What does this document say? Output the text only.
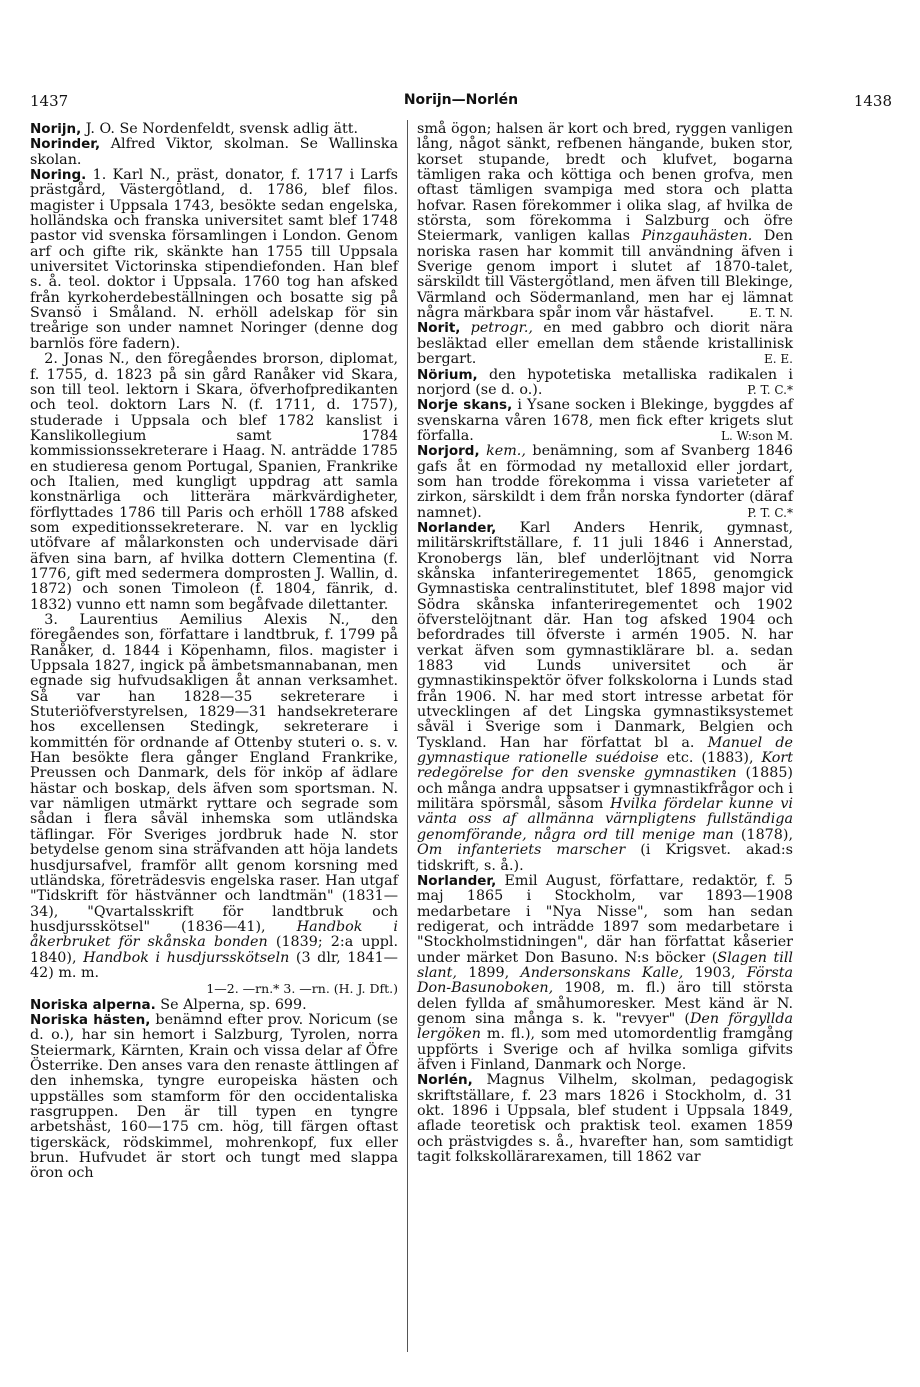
1437	Norijn—Norlén	1438

Norijn, J. O. Se Nordenfeldt, svensk adlig ätt.

Norinder, Alfred Viktor, skolman. Se Wallinska skolan.

Noring. 1. Karl N., präst, donator, f. 1717 i Larfs prästgård, Västergötland, d. 1786, blef filos. magister i Uppsala 1743, besökte sedan engelska, holländska och franska universitet samt blef 1748 pastor vid svenska församlingen i London. Genom arf och gifte rik, skänkte han 1755 till Uppsala universitet Victorinska stipendiefonden. Han blef s. å. teol. doktor i Uppsala. 1760 tog han afsked från kyrkoherdebeställningen och bosatte sig på Svansö i Småland. N. erhöll adelskap för sin treårige son under namnet Noringer (denne dog barnlös före fadern).

 2. Jonas N., den föregåendes brorson, diplomat, f. 1755, d. 1823 på sin gård Ranåker vid Skara, son till teol. lektorn i Skara, öfverhofpredikanten och teol. doktorn Lars N. (f. 1711, d. 1757), studerade i Uppsala och blef 1782 kanslist i Kanslikollegium samt 1784 kommissionssekreterare i Haag. N. anträdde 1785 en studieresa genom Portugal, Spanien, Frankrike och Italien, med kungligt uppdrag att samla konstnärliga och litterära märkvärdigheter, förflyttades 1786 till Paris och erhöll 1788 afsked som expeditionssekreterare. N. var en lycklig utöfvare af målarkonsten och undervisade däri äfven sina barn, af hvilka dottern Clementina (f. 1776, gift med sedermera domprosten J. Wallin, d. 1872) och sonen Timoleon (f. 1804, fänrik, d. 1832) vunno ett namn som begåfvade dilettanter.

 3. Laurentius Aemilius Alexis N., den föregåendes son, författare i landtbruk, f. 1799 på Ranåker, d. 1844 i Köpenhamn, filos. magister i Uppsala 1827, ingick på ämbetsmannabanan, men egnade sig hufvudsakligen åt annan verksamhet. Så var han 1828—35 sekreterare i Stuteriöfverstyrelsen, 1829—31 handsekreterare hos excellensen Stedingk, sekreterare i kommittén för ordnande af Ottenby stuteri o. s. v. Han besökte flera gånger England Frankrike, Preussen och Danmark, dels för inköp af ädlare hästar och boskap, dels äfven som sportsman. N. var nämligen utmärkt ryttare och segrade som sådan i flera såväl inhemska som utländska täflingar. För Sveriges jordbruk hade N. stor betydelse genom sina sträfvanden att höja landets husdjursafvel, framför allt genom korsning med utländska, företrädesvis engelska raser. Han utgaf "Tidskrift för hästvänner och landtmän" (1831—34), "Qvartalsskrift för landtbruk och husdjursskötsel" (1836—41), Handbok i åkerbruket för skånska bonden (1839; 2:a uppl. 1840), Handbok i husdjursskötseln (3 dlr, 1841—42) m. m.

1—2. —rn.* 3. —rn. (H. J. Dft.)

Noriska alperna. Se Alperna, sp. 699.

Noriska hästen, benämnd efter prov. Noricum (se d. o.), har sin hemort i Salzburg, Tyrolen, norra Steiermark, Kärnten, Krain och vissa delar af Öfre Österrike. Den anses vara den renaste ättlingen af den inhemska, tyngre europeiska hästen och uppställes som stamform för den occidentaliska rasgruppen. Den är till typen en tyngre arbetshäst, 160—175 cm. hög, till färgen oftast tigerskäck, rödskimmel, mohrenkopf, fux eller brun. Hufvudet är stort och tungt med slappa öron och

små ögon; halsen är kort och bred, ryggen vanligen lång, något sänkt, refbenen hängande, buken stor, korset stupande, bredt och klufvet, bogarna tämligen raka och köttiga och benen grofva, men oftast tämligen svampiga med stora och platta hofvar. Rasen förekommer i olika slag, af hvilka de största, som förekomma i Salzburg och öfre Steiermark, vanligen kallas Pinzgauhästen. Den noriska rasen har kommit till användning äfven i Sverige genom import i slutet af 1870-talet, särskildt till Västergötland, men äfven till Blekinge, Värmland och Södermanland, men har ej lämnat några märkbara spår inom vår hästafvel.	E. T. N.

Norit, petrogr., en med gabbro och diorit nära besläktad eller emellan dem stående kristallinisk bergart.	E. E.

Nörium, den hypotetiska metalliska radikalen i norjord (se d. o.).	P. T. C.*

Norje skans, i Ysane socken i Blekinge, byggdes af svenskarna våren 1678, men fick efter krigets slut förfalla.	L. W:son M.

Norjord, kem., benämning, som af Svanberg 1846 gafs åt en förmodad ny metalloxid eller jordart, som han trodde förekomma i vissa varieteter af zirkon, särskildt i dem från norska fyndorter (däraf namnet).	P. T. C.*

Norlander, Karl Anders Henrik, gymnast, militärskriftställare, f. 11 juli 1846 i Annerstad, Kronobergs län, blef underlöjtnant vid Norra skånska infanteriregementet 1865, genomgick Gymnastiska centralinstitutet, blef 1898 major vid Södra skånska infanteriregementet och 1902 öfverstelöjtnant där. Han tog afsked 1904 och befordrades till öfverste i armén 1905. N. har verkat äfven som gymnastiklärare bl. a. sedan 1883 vid Lunds universitet och är gymnastikinspektör öfver folkskolorna i Lunds stad från 1906. N. har med stort intresse arbetat för utvecklingen af det Lingska gymnastiksystemet såväl i Sverige som i Danmark, Belgien och Tyskland. Han har författat bl a. Manuel de gymnastique rationelle suédoise etc. (1883), Kort redegörelse for den svenske gymnastiken (1885) och många andra uppsatser i gymnastikfrågor och i militära spörsmål, såsom Hvilka fördelar kunne vi vänta oss af allmänna värnpligtens fullständiga genomförande, några ord till menige man (1878), Om infanteriets marscher (i Krigsvet. akad:s tidskrift, s. å.).

Norlander, Emil August, författare, redaktör, f. 5 maj 1865 i Stockholm, var 1893—1908 medarbetare i "Nya Nisse", som han sedan redigerat, och inträdde 1897 som medarbetare i "Stockholmstidningen", där han författat kåserier under märket Don Basuno. N:s böcker (Slagen till slant, 1899, Andersonskans Kalle, 1903, Första Don-Basunoboken, 1908, m. fl.) äro till största delen fyllda af småhumoresker. Mest känd är N. genom sina många s. k. "revyer" (Den förgyllda lergöken m. fl.), som med utomordentlig framgång uppförts i Sverige och af hvilka somliga gifvits äfven i Finland, Danmark och Norge.

Norlén, Magnus Vilhelm, skolman, pedagogisk skriftställare, f. 23 mars 1826 i Stockholm, d. 31 okt. 1896 i Uppsala, blef student i Uppsala 1849, aflade teoretisk och praktisk teol. examen 1859 och prästvigdes s. å., hvarefter han, som samtidigt tagit folkskollärarexamen, till 1862 var
